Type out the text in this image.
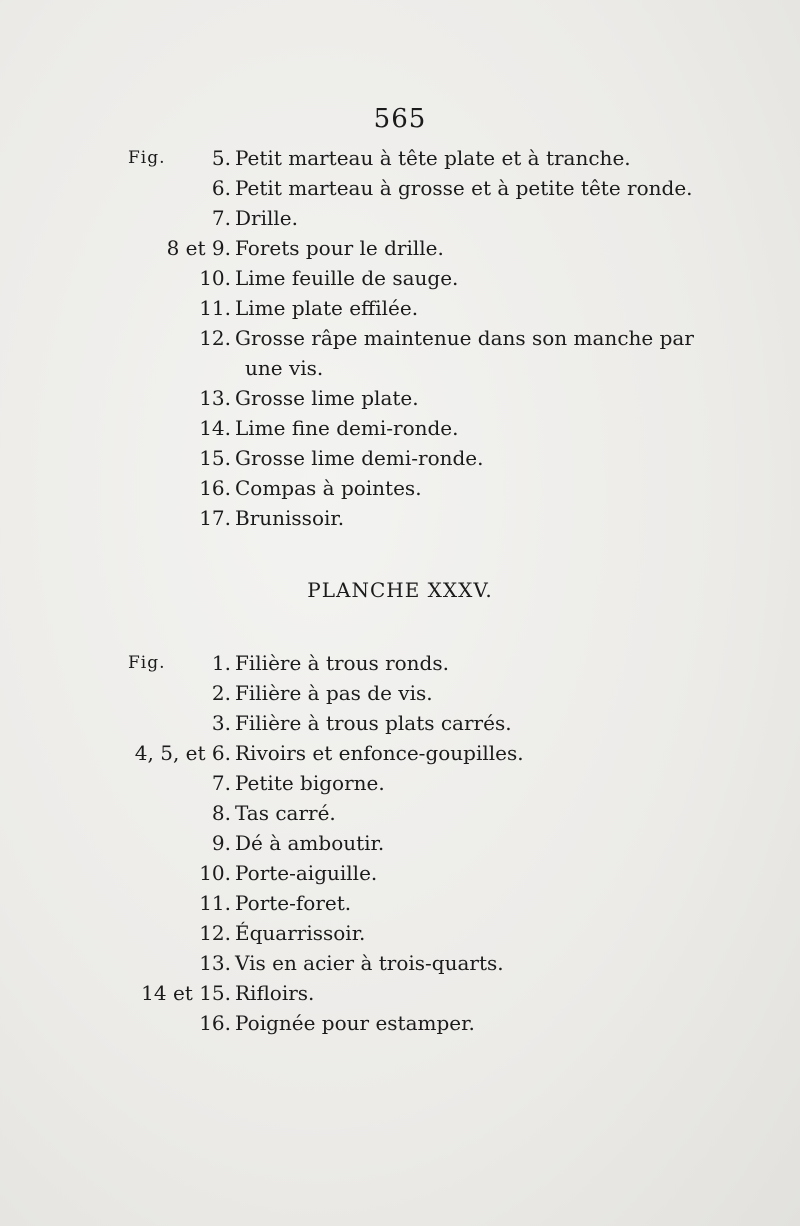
565
Fig. 5. Petit marteau à tête plate et à tranche.
6. Petit marteau à grosse et à petite tête ronde.
7. Drille.
8 et 9. Forets pour le drille.
10. Lime feuille de sauge.
11. Lime plate effilée.
12. Grosse râpe maintenue dans son manche par
une vis.
13. Grosse lime plate.
14. Lime fine demi-ronde.
15. Grosse lime demi-ronde.
16. Compas à pointes.
17. Brunissoir.
PLANCHE XXXV.
Fig. 1. Filière à trous ronds.
2. Filière à pas de vis.
3. Filière à trous plats carrés.
4, 5, et 6. Rivoirs et enfonce-goupilles.
7. Petite bigorne.
8. Tas carré.
9. Dé à amboutir.
10. Porte-aiguille.
11. Porte-foret.
12. Équarrissoir.
13. Vis en acier à trois-quarts.
14 et 15. Rifloirs.
16. Poignée pour estamper.
